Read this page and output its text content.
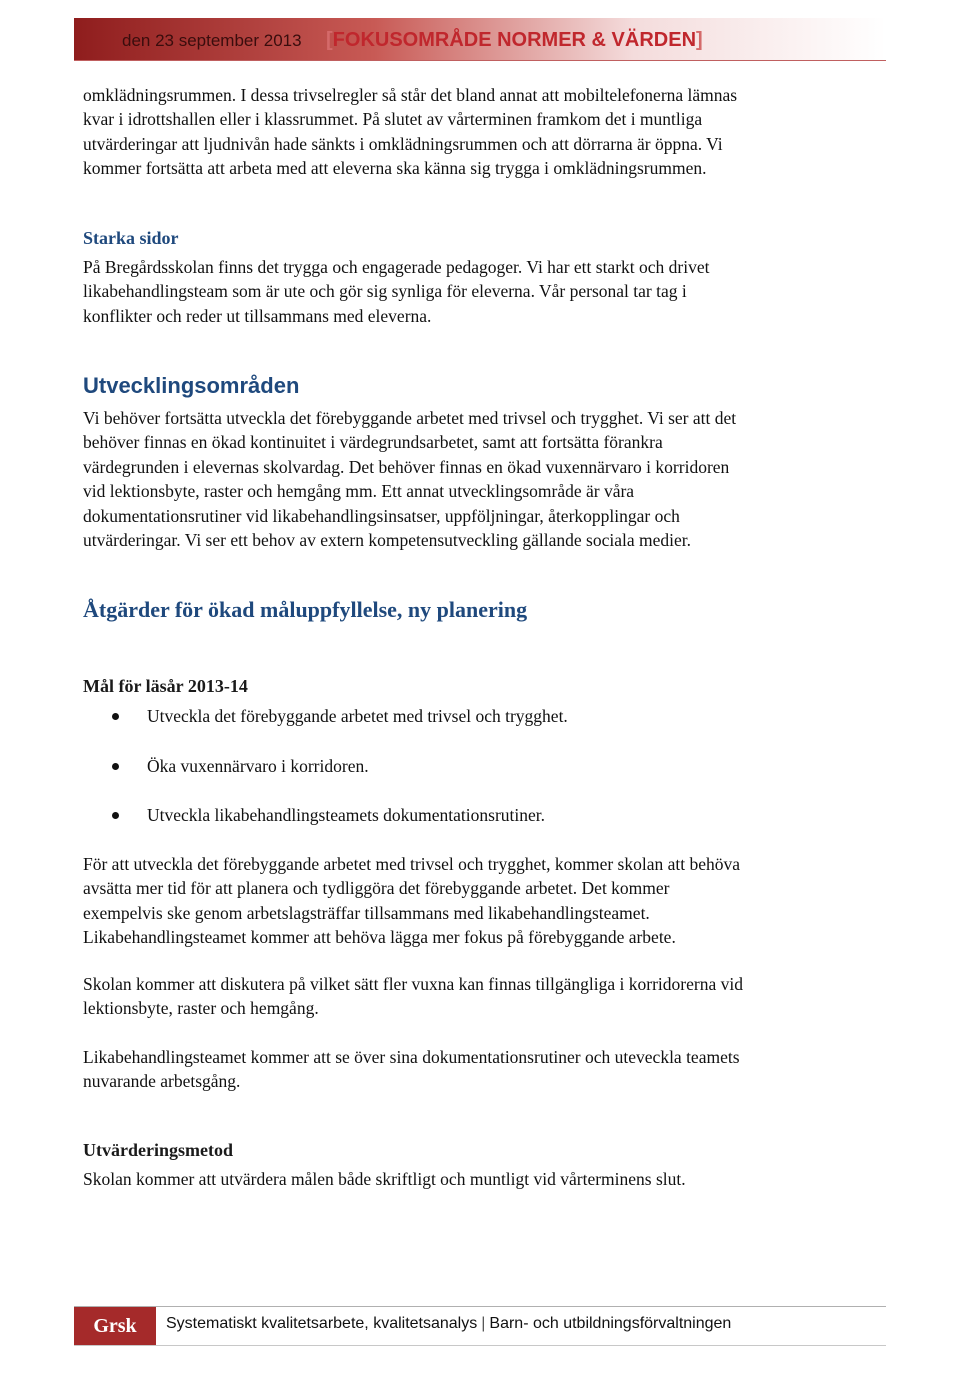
den 23 september 2013 [FOKUSOMRÅDE NORMER & VÄRDEN]

omklädningsrummen. I dessa trivselregler så står det bland annat att mobiltelefonerna lämnas
kvar i idrottshallen eller i klassrummet. På slutet av vårterminen framkom det i muntliga
utvärderingar att ljudnivån hade sänkts i omklädningsrummen och att dörrarna är öppna. Vi
kommer fortsätta att arbeta med att eleverna ska känna sig trygga i omklädningsrummen.

Starka sidor

På Bregårdsskolan finns det trygga och engagerade pedagoger. Vi har ett starkt och drivet
likabehandlingsteam som är ute och gör sig synliga för eleverna. Vår personal tar tag i
konflikter och reder ut tillsammans med eleverna.

Utvecklingsområden

Vi behöver fortsätta utveckla det förebyggande arbetet med trivsel och trygghet. Vi ser att det
behöver finnas en ökad kontinuitet i värdegrundsarbetet, samt att fortsätta förankra
värdegrunden i elevernas skolvardag. Det behöver finnas en ökad vuxennärvaro i korridoren
vid lektionsbyte, raster och hemgång mm. Ett annat utvecklingsområde är våra
dokumentationsrutiner vid likabehandlingsinsatser, uppföljningar, återkopplingar och
utvärderingar. Vi ser ett behov av extern kompetensutveckling gällande sociala medier.

Åtgärder för ökad måluppfyllelse, ny planering
Mål för läsår 2013-14
Utveckla det förebyggande arbetet med trivsel och trygghet.
Öka vuxennärvaro i korridoren.
Utveckla likabehandlingsteamets dokumentationsrutiner.

För att utveckla det förebyggande arbetet med trivsel och trygghet, kommer skolan att behöva
avsätta mer tid för att planera och tydliggöra det förebyggande arbetet. Det kommer
exempelvis ske genom arbetslagsträffar tillsammans med likabehandlingsteamet.
Likabehandlingsteamet kommer att behöva lägga mer fokus på förebyggande arbete.

Skolan kommer att diskutera på vilket sätt fler vuxna kan finnas tillgängliga i korridorerna vid
lektionsbyte, raster och hemgång.

Likabehandlingsteamet kommer att se över sina dokumentationsrutiner och uteveckla teamets
nuvarande arbetsgång.

Utvärderingsmetod

Skolan kommer att utvärdera målen både skriftligt och muntligt vid vårterminens slut.

Grsk	Systematiskt kvalitetsarbete, kvalitetsanalys | Barn- och utbildningsförvaltningen
